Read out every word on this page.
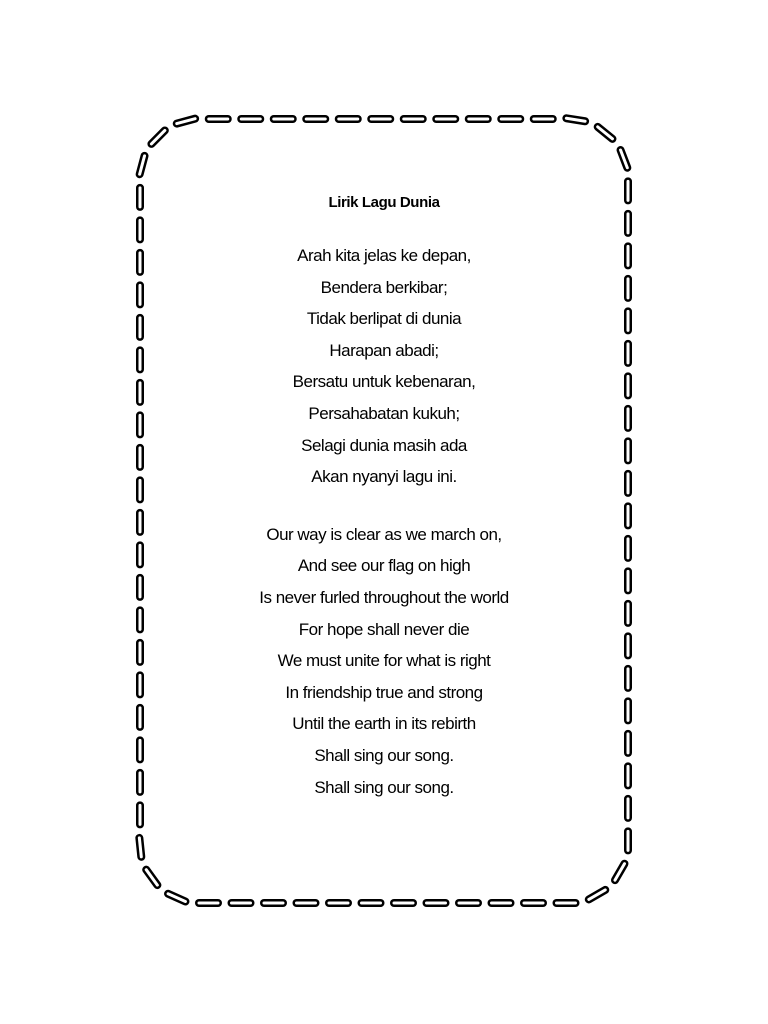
Lirik Lagu Dunia
Arah kita jelas ke depan,
Bendera berkibar;
Tidak berlipat di dunia
Harapan abadi;
Bersatu untuk kebenaran,
Persahabatan kukuh;
Selagi dunia masih ada
Akan nyanyi lagu ini.
Our way is clear as we march on,
And see our flag on high
Is never furled throughout the world
For hope shall never die
We must unite for what is right
In friendship true and strong
Until the earth in its rebirth
Shall sing our song.
Shall sing our song.
